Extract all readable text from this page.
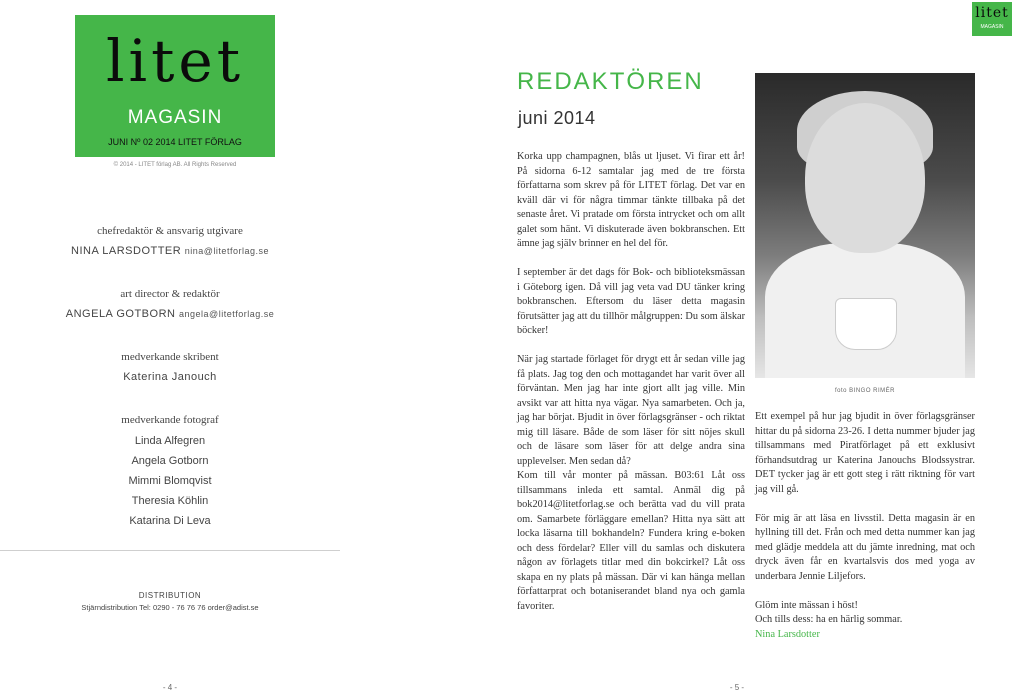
litet
MAGASIN
JUNI Nº 02 2014 LITET FÖRLAG
© 2014 - LITET förlag AB. All Rights Reserved
chefredaktör & ansvarig utgivare
NINA LARSDOTTER nina@litetforlag.se
art director & redaktör
ANGELA GOTBORN angela@litetforlag.se
medverkande skribent
Katerina Janouch
medverkande fotograf
Linda Alfegren
Angela Gotborn
Mimmi Blomqvist
Theresia Köhlin
Katarina Di Leva
DISTRIBUTION
Stjärndistribution Tel: 0290 - 76 76 76 order@adist.se
- 4 -
litet
MAGASIN
REDAKTÖREN
juni 2014

Korka upp champagnen, blås ut ljuset. Vi firar ett år! På sidorna 6-12 samtalar jag med de tre första författarna som skrev på för LITET förlag. Det var en kväll där vi för några timmar tänkte tillbaka på det senaste året. Vi pratade om första intrycket och om allt galet som hänt. Vi diskuterade även bokbranschen. Ett ämne jag själv brinner en hel del för.

I september är det dags för Bok- och biblioteksmässan i Göteborg igen. Då vill jag veta vad DU tänker kring bokbranschen. Eftersom du läser detta magasin förutsätter jag att du tillhör målgruppen: Du som älskar böcker!

När jag startade förlaget för drygt ett år sedan ville jag få plats. Jag tog den och mottagandet har varit över all förväntan. Men jag har inte gjort allt jag ville. Min avsikt var att hitta nya vägar. Nya samarbeten. Och ja, jag har börjat. Bjudit in över förlagsgränser - och riktat mig till läsare. Både de som läser för sitt nöjes skull och de läsare som läser för att delge andra sina upplevelser. Men sedan då?

Kom till vår monter på mässan. B03:61 Låt oss tillsammans inleda ett samtal. Anmäl dig på bok2014@litetforlag.se och berätta vad du vill prata om. Samarbete förläggare emellan? Hitta nya sätt att locka läsarna till bokhandeln? Fundera kring e-boken och dess fördelar? Eller vill du samlas och diskutera någon av förlagets titlar med din bokcirkel? Låt oss skapa en ny plats på mässan. Där vi kan hänga mellan författarprat och botaniserandet bland nya och gamla favoriter.

foto BINGO RIMÉR

Ett exempel på hur jag bjudit in över förlagsgränser hittar du på sidorna 23-26. I detta nummer bjuder jag tillsammans med Piratförlaget på ett exklusivt förhandsutdrag ur Katerina Janouchs Blodssystrar. DET tycker jag är ett gott steg i rätt riktning för vart jag vill gå.

För mig är att läsa en livsstil. Detta magasin är en hyllning till det. Från och med detta nummer kan jag med glädje meddela att du jämte inredning, mat och dryck även får en kvartalsvis dos med yoga av underbara Jennie Liljefors.

Glöm inte mässan i höst!

Och tills dess: ha en härlig sommar.

Nina Larsdotter

- 5 -
